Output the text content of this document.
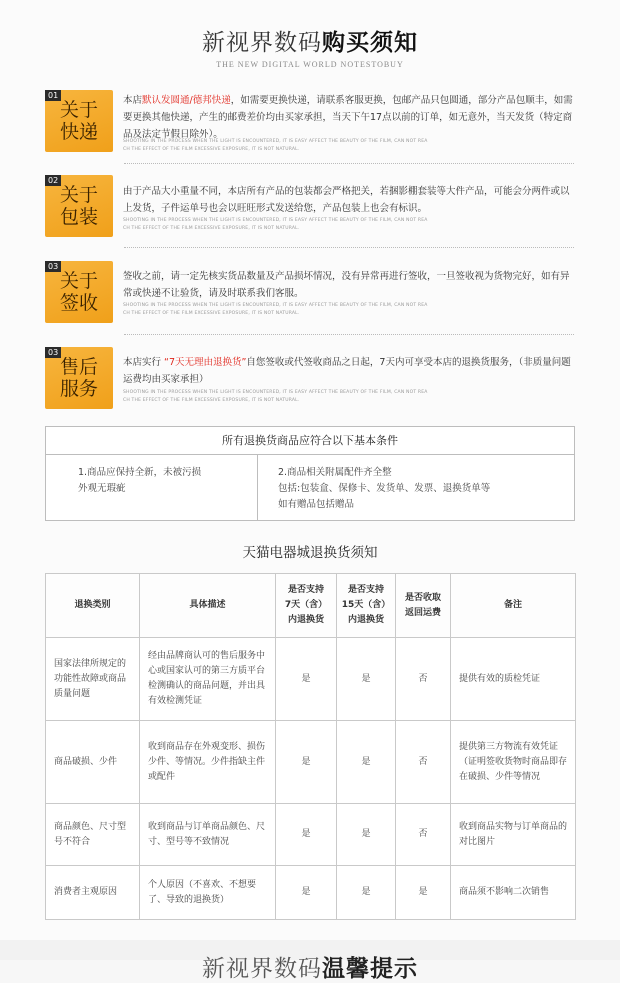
新视界数码购买须知
THE NEW DIGITAL WORLD NOTESTOBUY
01
关于
快递
本店默认发圆通/德邦快递，如需要更换快递，请联系客服更换，包邮产品只包圆通，部分产品包顺丰，如需要更换其他快递，产生的邮费差价均由买家承担，当天下午17点以前的订单，如无意外，当天发货（特定商品及法定节假日除外）。
SHOOTING IN THE PROCESS WHEN THE LIGHT IS ENCOUNTERED, IT IS EASY AFFECT THE BEAUTY OF THE FILM, CAN NOT REA
CH THE EFFECT OF THE FILM EXCESSIVE EXPOSURE, IT IS NOT NATURAL.
02
关于
包装
由于产品大小重量不同，本店所有产品的包装都会严格把关，若捆影棚套装等大件产品，可能会分两件或以上发货，子件运单号也会以旺旺形式发送给您，产品包装上也会有标识。
SHOOTING IN THE PROCESS WHEN THE LIGHT IS ENCOUNTERED, IT IS EASY AFFECT THE BEAUTY OF THE FILM, CAN NOT REA
CH THE EFFECT OF THE FILM EXCESSIVE EXPOSURE, IT IS NOT NATURAL.
03
关于
签收
签收之前，请一定先核实货品数量及产品损坏情况，没有异常再进行签收，一旦签收视为货物完好，如有异常或快递不让验货，请及时联系我们客服。
SHOOTING IN THE PROCESS WHEN THE LIGHT IS ENCOUNTERED, IT IS EASY AFFECT THE BEAUTY OF THE FILM, CAN NOT REA
CH THE EFFECT OF THE FILM EXCESSIVE EXPOSURE, IT IS NOT NATURAL.
03
售后
服务
本店实行 “7天无理由退换货”自您签收或代签收商品之日起，7天内可享受本店的退换货服务，（非质量问题运费均由买家承担）
SHOOTING IN THE PROCESS WHEN THE LIGHT IS ENCOUNTERED, IT IS EASY AFFECT THE BEAUTY OF THE FILM, CAN NOT REA
CH THE EFFECT OF THE FILM EXCESSIVE EXPOSURE, IT IS NOT NATURAL.
所有退换货商品应符合以下基本条件
1.商品应保持全新，未被污损
外观无瑕疵
2.商品相关附属配件齐全整
包括:包装盒、保修卡、发货单、发票、退换货单等
如有赠品包括赠品
天猫电器城退换货须知
退换类别	具体描述	是否支持
7天（含）
内退换货	是否支持
15天（含）
内退换货	是否收取
返回运费	备注
国家法律所规定的功能性故障或商品质量问题	经由品牌商认可的售后服务中心或国家认可的第三方质平台检测确认的商品问题，并出具有效检测凭证	是	是	否	提供有效的质检凭证
商品破损、少件	收到商品存在外观变形、损伤少件、等情况。少件指缺主件或配件	是	是	否	提供第三方物流有效凭证（证明签收货物时商品即存在破损、少件等情况
商品颜色、尺寸型号不符合	收到商品与订单商品颜色、尺寸、型号等不致情况	是	是	否	收到商品实物与订单商品的对比图片
消费者主观原因	个人原因（不喜欢、不想要了、导致的退换货）	是	是	是	商品须不影响二次销售
新视界数码温馨提示
